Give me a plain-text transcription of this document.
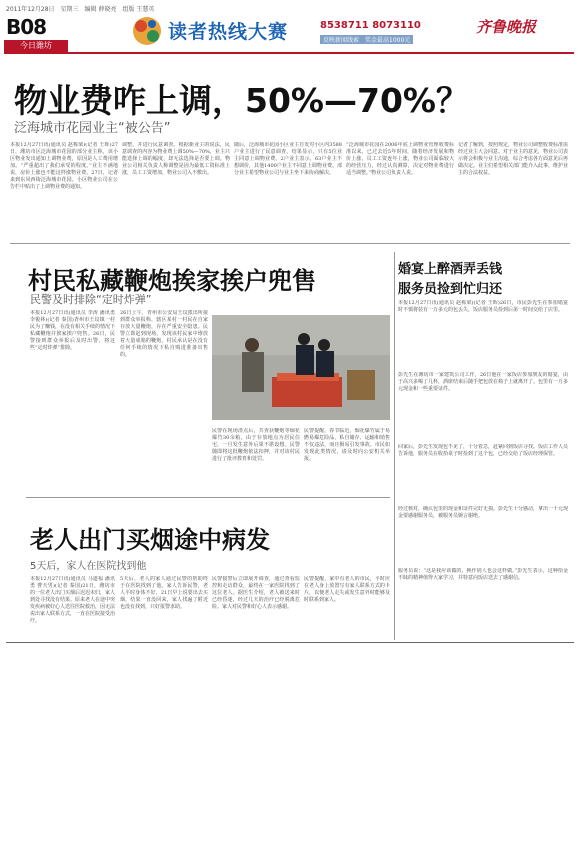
2011年12月28日　星期三　编辑 薛晓亮　组版 王慧英
B08
今日潍坊
读者热线大赛	8538711 8073110
反映新闻线索　奖金最高1000元
齐鲁晚报
物业费咋上调，50%—70%？
泛海城市花园业主“被公告”
本报12月27日讯(通讯员 赵栋梁)(记者 王晖)27日，潍坊市区泛海城市花园的部分业主称，该小区物业发出通知上调物业费，原因是人工费用增加。“严重超出了我们承受的程度。”业主不满地说，房价上涨也不能这样涨物业费。27日，记者来到东风西街泛海城市花园。小区物业公司在公告栏中贴出了上调物业费的通知。
调整，并进行民意调查。根据新业主的说法，民意调查的内容为物业费上调50%—70%，业主只能选择上调的幅度，却无法选择是否要上调。物业公司相关负责人称调整是因为最低工资标准上涨，员工工资增加，物业公司入不敷出。
随后，泛海城市花园小区业主自发对小区内3588户业主进行了民意调查，结果显示，只有5位业主同意上调物业费。2户业主表示，63户业主不想调价，其他1400户业主不同意上调物业费。部分业主希望物业公司与业主坐下来协商解决。
“泛海城市花园在2006年底上调物业管理收费标准以来，已过去近5年时间，随着经济发展和物价上涨，员工工资连年上涨，物业公司面临较大的经营压力，经过认真测算，决定对物业费进行适当调整。”物业公司负责人说。
记者了解到，按照规定，物业公司调整收费标准需经过业主大会同意。对于业主的意见，物业公司表示将会积极与业主沟通，综合考虑各方面意见后再做决定。业主们希望相关部门能介入此事，维护业主的合法权益。
村民私藏鞭炮挨家挨户兜售
民警及时排除“定时炸弹”
本报12月27日讯(通讯员 李涛 潘讯勇 李俊林)(记者 秦国)青州市王坟镇一村民为了赚钱，在没有相关手续的情况下私藏鞭炮并挨家挨户兜售。26日，民警接到群众举报后及时出警，将这些“定时炸弹”排除。
26日上午，青州市公安局王坟派出所接到群众举报称，辖区某村一村民在自家存放大量鞭炮，存在严重安全隐患。民警立即赶到现场，发现该村民家中堆放着大量成箱的鞭炮，村民承认是在没有任何手续的情况下私自购进准备出售的。
民警在现场清点后，共查获鞭炮等烟花爆竹30余箱。由于存放地点为居民住宅，一旦发生意外后果不堪设想。民警随即将这批鞭炮依法扣押，并对该村民进行了批评教育和处罚。
民警提醒，春节临近，烟花爆竹属于易燃易爆危险品，私自储存、运输和销售不仅违法，而且极易引发事故。市民如发现此类情况，请及时向公安机关举报。
老人出门买烟途中病发
5天后，家人在医院找到他
本报12月27日讯(通讯员 马道福 潘讯勇 曹天男)(记者 秦国)21日，潍坊市的一位老人出门买烟后迟迟未归，家人到处寻找没有结果。原来老人在途中突发疾病被好心人送往医院救治，因无法说出家人联系方式，一直在医院接受治疗。
5天后，老人的家人通过民警的帮助终于在医院找到了他。家人告诉民警，老人平时身体不好，21日早上说要出去买烟，结果一直没回来，家人找遍了附近也没有找到，只好报警求助。
民警接警后立即展开调查，通过查看监控和走访群众，最终在一家医院找到了这位老人。据医生介绍，老人被送来时已经昏迷，经过几天的治疗已经脱离危险。家人对民警和好心人表示感谢。
民警提醒，家中有老人的市民，平时应在老人身上放置写有家人联系方式的卡片，以便老人走失或发生意外时能够及时联系到家人。
婚宴上醉酒弄丢钱
服务员捡到忙归还
本报12月27日讯(通讯员 赵栋梁)(记者 王晖)26日，市民彭先生在参加婚宴时不慎将装有一万多元的包丢失，饭店服务员捡到后第一时间交给了店里。
彭先生在潍坊市一家建筑公司工作，26日他在一家饭店参加朋友的婚宴，由于高兴多喝了几杯，酒席结束后随手把包放在椅子上就离开了。包里有一万多元现金和一些重要证件。
回家后，彭先生发现包不见了，十分着急，赶紧回到饭店寻找。饭店工作人员告诉他，服务员在收拾桌子时捡到了这个包，已经交给了饭店经理保管。
经过核对，确认包里的现金和证件完好无损。彭先生十分感动，拿出一千元现金要感谢服务员，被服务员婉言谢绝。
服务员说：“这是我应该做的，换作别人也会这样做。”彭先生表示，这种拾金不昧的精神值得大家学习，并特意向饭店送去了感谢信。
